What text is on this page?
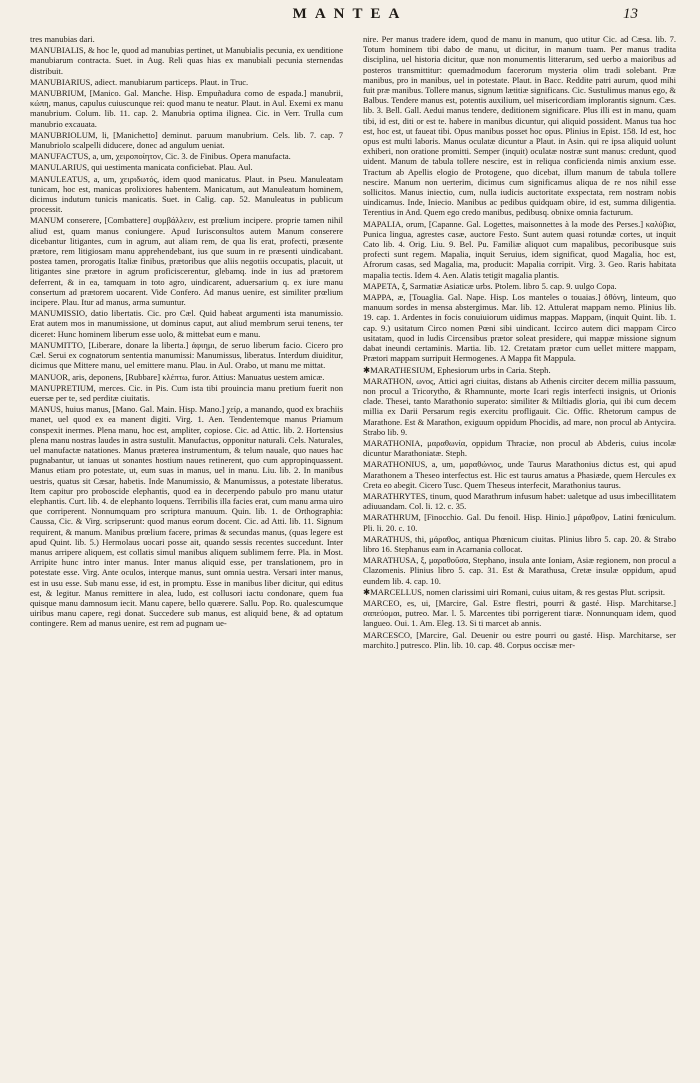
MANTEA	13

tres manubias dari.

MANUBIALIS, & hoc le, quod ad manubias pertinet, ut Manubialis pecunia, ex uenditione manubiarum contracta. Suet. in Aug. Reli quas hias ex manubiali pecunia sternendas distribuit.

MANUBIARIUS, adiect. manubiarum particeps. Plaut. in Truc.

MANUBRIUM, [Manico. Gal. Manche. Hisp. Empuñadura como de espada.] manubrii, κώπη, manus, capulus cuiuscunque rei: quod manu te neatur. Plaut. in Aul. Exemi ex manu manubrium. Colum. lib. 11. cap. 2. Manubria optima ilignea. Cic. in Verr. Trulla cum manubrio excauata.

MANUBRIOLUM, li, [Manichetto] deminut. paruum manubrium. Cels. lib. 7. cap. 7 Manubriolo scalpelli diducere, donec ad angulum ueniat.

MANUFACTUS, a, um, χειροποίητον, Cic. 3. de Finibus. Opera manufacta.

MANULARIUS, qui uestimenta manicata conficiebat. Plau. Aul.

MANULEATUS, a, um, χειριδωτός, idem quod manicatus. Plaut. in Pseu. Manuleatam tunicam, hoc est, manicas prolixiores habentem. Manicatum, aut Manuleatum hominem, dicimus indutum tunicis manicatis. Suet. in Calig. cap. 52. Manuleatus in publicum processit.

MANUM conserere, [Combattere] συμβάλλειν, est prœlium incipere. proprie tamen nihil aliud est, quam manus coniungere. Apud Iurisconsultos autem Manum conserere dicebantur litigantes, cum in agrum, aut aliam rem, de qua lis erat, profecti, præsente prætore, rem litigiosam manu apprehendebant, ius que suum in re præsenti uindicabant. postea tamen, prorogatis Italiæ finibus, prætoribus que aliis negotiis occupatis, placuit, ut litigantes sine prætore in agrum proficiscerentur, glebamq. inde in ius ad prætorem deferrent, & in ea, tamquam in toto agro, uindicarent, aduersarium q. ex iure manu consertum ad prætorem uocarent. Vide Confero. Ad manus uenire, est similiter prœlium incipere. Plau. Itur ad manus, arma sumuntur.

MANUMISSIO, datio libertatis. Cic. pro Cæl. Quid habeat argumenti ista manumissio. Erat autem mos in manumissione, ut dominus caput, aut aliud membrum serui tenens, ter diceret: Hunc hominem liberum esse uolo, & mittebat eum e manu.

MANUMITTO, [Liberare, donare la liberta.] ἀφιημι, de seruo liberum facio. Cicero pro Cæl. Serui ex cognatorum sententia manumissi: Manumissus, liberatus. Interdum diuiditur, dicimus que Mittere manu, uel emittere manu. Plau. in Aul. Orabo, ut manu me mittat.

MANUOR, aris, deponens, [Rubbare] κλέπτω, furor. Attius: Manuatus uestem amicæ.

MANUPRETIUM, merces. Cic. in Pis. Cum ista tibi prouincia manu pretium fuerit non euersæ per te, sed perditæ ciuitatis.

MANUS, huius manus, [Mano. Gal. Main. Hisp. Mano.] χείρ, a manando, quod ex brachiis manet, uel quod ex ea manent digiti. Virg. 1. Aen. Tendentemque manus Priamum conspexit inermes. Plena manu, hoc est, ampliter, copiose. Cic. ad Attic. lib. 2. Hortensius plena manu nostras laudes in astra sustulit. Manufactus, opponitur naturali. Cels. Naturales, uel manufactæ natationes. Manus præterea instrumentum, & telum nauale, quo naues hac pugnabantur, ut ianuas ut sonantes hostium naues retinerent, quo cum appropinquassent. Manus etiam pro potestate, ut, eum suas in manus, uel in manu. Liu. lib. 2. In manibus uestris, quatus sit Cæsar, habetis. Inde Manumissio, & Manumissus, a potestate liberatus. Item capitur pro proboscide elephantis, quod ea in decerpendo pabulo pro manu utatur elephantis. Curt. lib. 4. de elephanto loquens. Terribilis illa facies erat, cum manu arma uiro que corriperent. Nonnumquam pro scriptura manuum. Quin. lib. 1. de Orthographia: Caussa, Cic. & Virg. scripserunt: quod manus eorum docent. Cic. ad Atti. lib. 11. Signum requirent, & manum. Manibus prœlium facere, primas & secundas manus, (quas legere est apud Quint. lib. 5.) Hermolaus uocari posse ait, quando sessis recentes succedunt. Inter manus arripere aliquem, est collatis simul manibus aliquem sublimem ferre. Pla. in Most. Arripite hunc intro inter manus. Inter manus aliquid esse, per translationem, pro in potestate esse. Virg. Ante oculos, interque manus, sunt omnia uestra. Versari inter manus, est in usu esse. Sub manu esse, id est, in promptu. Esse in manibus liber dicitur, qui editus est, & legitur. Manus remittere in alea, ludo, est collusori iactu condonare, quem fua quisque manu damnosum iecit. Manu capere, bello quærere. Sallu. Pop. Ro. qualescumque uiribus manu capere, regi donat. Succedere sub manus, est aliquid bene, & ad optatum contingere. Rem ad manus uenire, est rem ad pugnam ue-

nire. Per manus tradere idem, quod de manu in manum, quo utitur Cic. ad Cæsa. lib. 7. Totum hominem tibi dabo de manu, ut dicitur, in manum tuam. Per manus tradita disciplina, uel historia dicitur, quæ non monumentis litterarum, sed uerbo a maioribus ad posteros transmittitur: quemadmodum facerorum mysteria olim tradi solebant. Præ manibus, pro in manibus, uel in potestate. Plaut. in Bacc. Reddite patri aurum, quod mihi fuit præ manibus. Tollere manus, signum lætitiæ significans. Cic. Sustulimus manus ego, & Balbus. Tendere manus est, potentis auxilium, uel misericordiam implorantis signum. Cæs. lib. 3. Bell. Gall. Aedui manus tendere, deditionem significare. Plus illi est in manu, quam tibi, id est, diti or est te. habere in manibus dicuntur, qui aliquid possident. Manus tua hoc est, hoc est, ut faueat tibi. Opus manibus posset hoc opus. Plinius in Epist. 158. Id est, hoc opus est multi laboris. Manus oculatæ dicuntur a Plaut. in Asin. qui re ipsa aliquid uolunt exhiberi, non oratione promitti. Semper (inquit) oculatæ nostræ sunt manus: credunt, quod uident. Manum de tabula tollere nescire, est in reliqua conficienda nimis anxium esse. Tractum ab Apellis elogio de Protogene, quo dicebat, illum manum de tabula tollere nescire. Manum non uerterim, dicimus cum significamus aliqua de re nos nihil esse sollicitos. Manus iniectio, cum, nulla iudicis auctoritate exspectata, rem nostram nobis uindicamus. Inde, Iniecio. Manibus ac pedibus quidquam obire, id est, summa diligentia. Terentius in And. Quem ego credo manibus, pedibusq. obnixe omnia facturum.

MAPALIA, orum, [Capanne. Gal. Logettes, maisonnettes à la mode des Perses.] καλύβια, Punica lingua, agrestes casæ, auctore Festo. Sunt autem quasi rotundæ cortes, ut inquit Cato lib. 4. Orig. Liu. 9. Bel. Pu. Familiæ aliquot cum mapalibus, pecoribusque suis profecti sunt regem. Mapalia, inquit Seruius, idem significat, quod Magalia, hoc est, Afrorum casas, sed Magalia, ma, producit: Mapalia corripit. Virg. 3. Geo. Raris habitata mapalia tectis. Idem 4. Aen. Alatis tetigit magalia plantis.

MAPETA, ξ, Sarmatiæ Asiaticæ urbs. Ptolem. libro 5. cap. 9. uulgo Copa.

MAPPA, æ, [Touaglia. Gal. Nape. Hisp. Los manteles o touaias.] ὁθόνη, linteum, quo manuum sordes in mensa abstergimus. Mar. lib. 12. Attulerat mappam nemo. Plinius lib. 19. cap. 1. Ardentes in focis conuiuiorum uidimus mappas. Mappam, (inquit Quint. lib. 1. cap. 9.) usitatum Circo nomen Pœni sibi uindicant. Iccirco autem dici mappam Circo usitatam, quod in ludis Circensibus prætor soleat presidere, qui mappæ missione signum dabat ineundi certaminis. Martia. lib. 12. Cretatam prætor cum uellet mittere mappam, Prætori mappam surripuit Hermogenes. A Mappa fit Mappula.

✱MARATHESIUM, Ephesiorum urbs in Caria. Steph.

MARATHON, ωνος, Attici agri ciuitas, distans ab Athenis circiter decem millia passuum, non procul a Tricorytho, & Rhamnunte, morte Icari regis interfecti insignis, ut Orionis clade. Thesei, tanto Marathonio superato: similiter & Miltiadis gloria, qui ibi cum decem millia ex Darii Persarum regis exercitu profligauit. Cic. Offic. Rhetorum campus de Marathone. Est & Marathon, exiguum oppidum Phocidis, ad mare, non procul ab Antycira. Strabo lib. 9.

MARATHONIA, μαραθωνία, oppidum Thraciæ, non procul ab Abderis, cuius incolæ dicuntur Marathoniatæ. Steph.

MARATHONIUS, a, um, μαραθώνιος, unde Taurus Marathonius dictus est, qui apud Marathonem a Theseo interfectus est. Hic est taurus amatus a Phasiæde, quem Hercules ex Creta eo abegit. Cicero Tusc. Quem Theseus interfecit, Marathonius taurus.

MARATHRYTES, tinum, quod Marathrum infusum habet: ualetque ad usus imbecillitatem adiuuandam. Col. li. 12. c. 35.

MARATHRUM, [Finocchio. Gal. Du fenoil. Hisp. Hinio.] μάραθρον, Latini fœniculum. Pli. li. 20. c. 10.

MARATHUS, thi, μάραθος, antiqua Phœnicum ciuitas. Plinius libro 5. cap. 20. & Strabo libro 16. Stephanus eam in Acarnania collocat.

MARATHUSA, ξ, μαραθοῦσα, Stephano, insula ante Ioniam, Asiæ regionem, non procul a Clazomenis. Plinius libro 5. cap. 31. Est & Marathusa, Cretæ insulæ oppidum, apud eundem lib. 4. cap. 10.

✱MARCELLUS, nomen clarissimi uiri Romani, cuius uitam, & res gestas Plut. scripsit.

MARCEO, es, ui, [Marcire, Gal. Estre flestri, pourri & gasté. Hisp. Marchitarse.] σαπεύομαι, putreo. Mar. l. 5. Marcentes tibi porrigerent tiaræ. Nonnunquam idem, quod langueo. Oui. 1. Am. Eleg. 13. Si ti marcet ab annis.

MARCESCO, [Marcire, Gal. Deuenir ou estre pourri ou gasté. Hisp. Marchitarse, ser marchito.] putresco. Plin. lib. 10. cap. 48. Corpus occisæ mer-
